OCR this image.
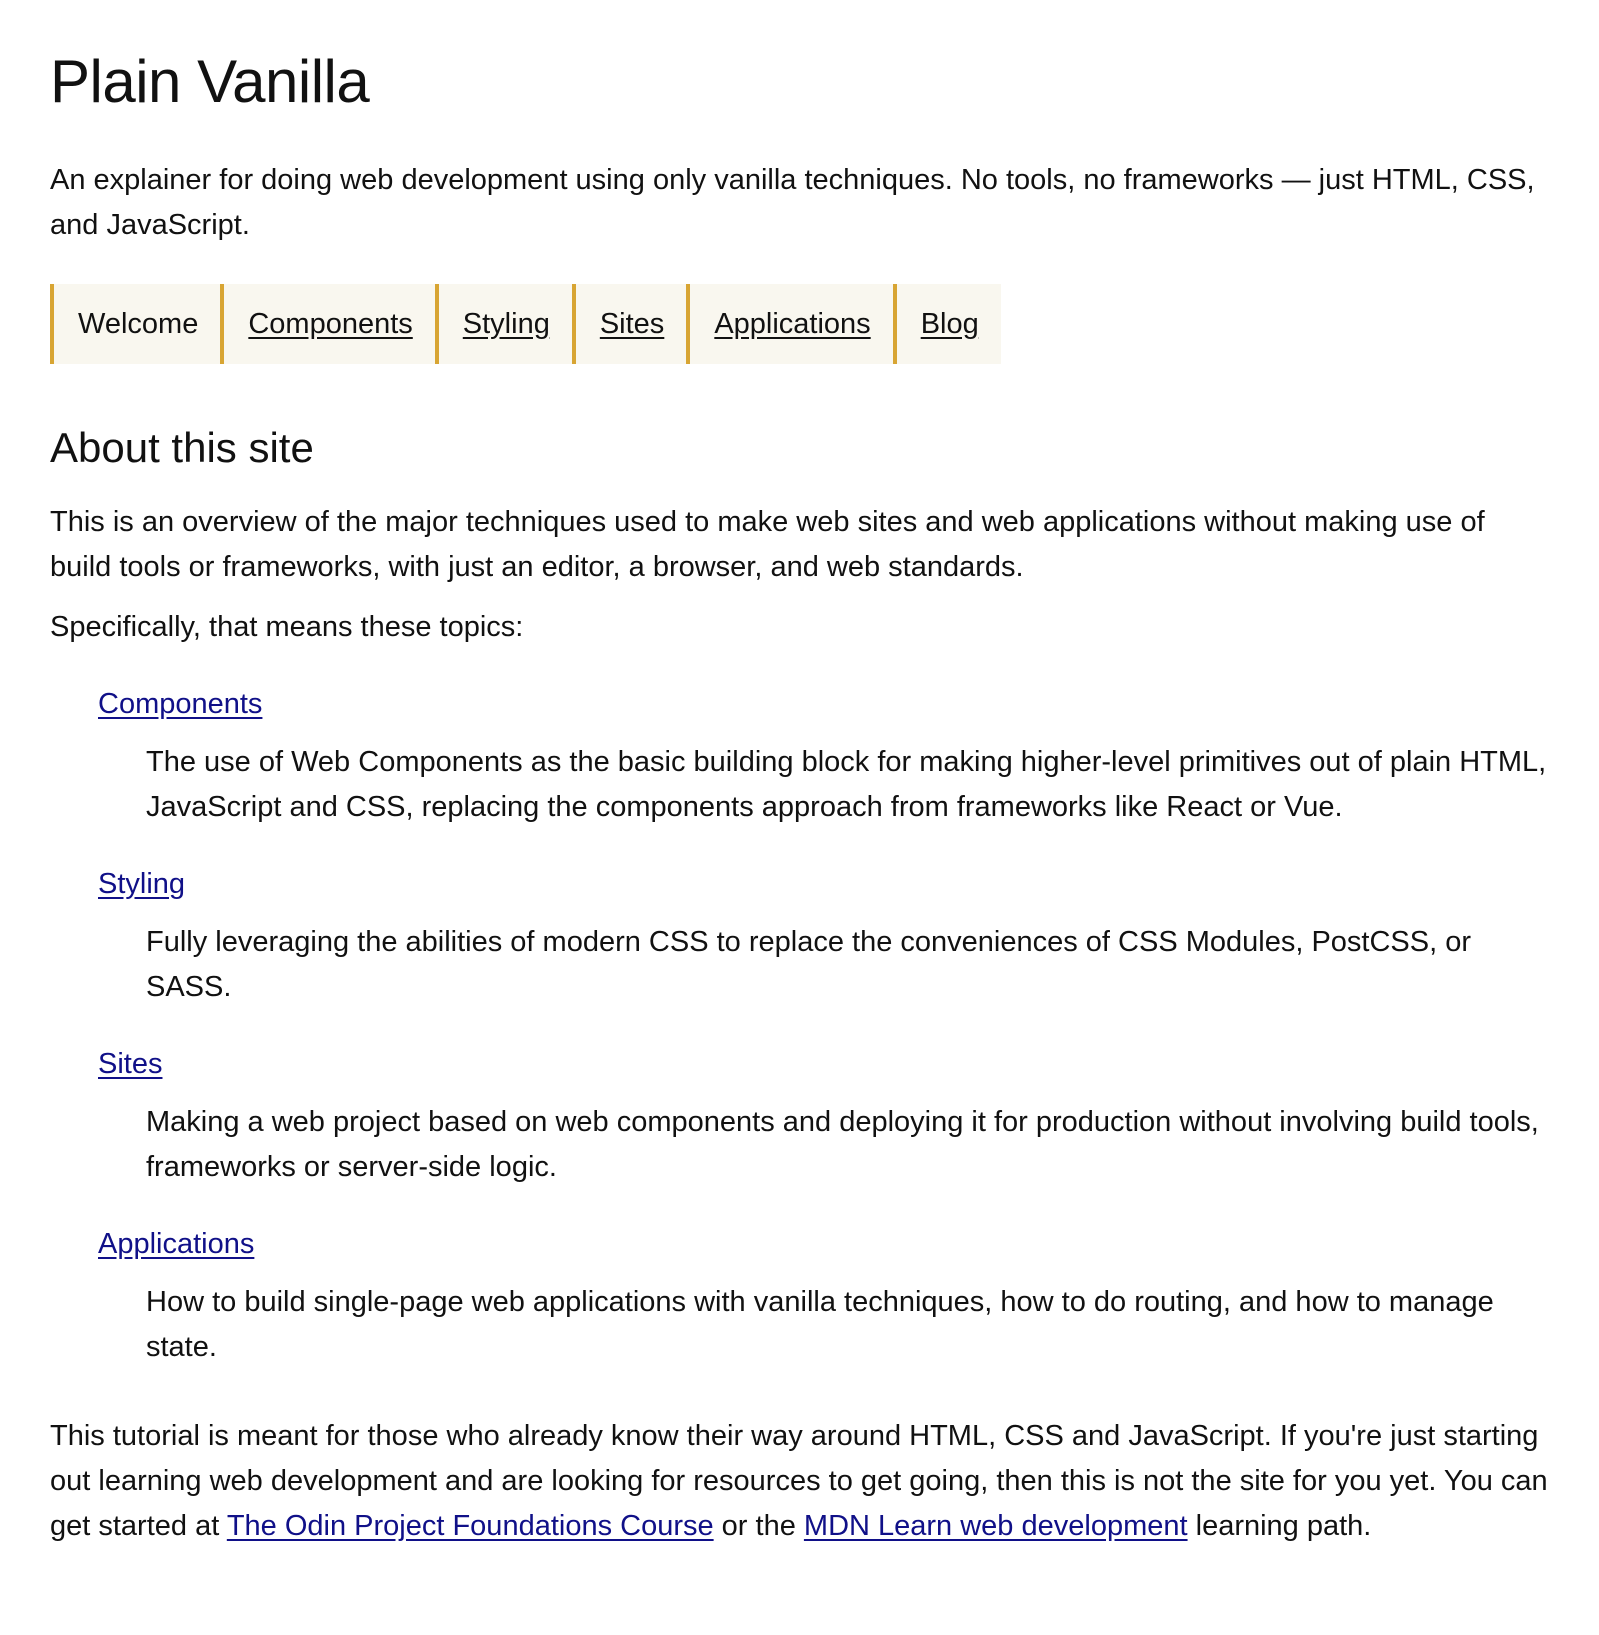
Plain Vanilla

An explainer for doing web development using only vanilla techniques. No tools, no frameworks — just HTML, CSS, and JavaScript.

Welcome	Components	Styling	Sites	Applications	Blog
About this site

This is an overview of the major techniques used to make web sites and web applications without making use of build tools or frameworks, with just an editor, a browser, and web standards.

Specifically, that means these topics:

Components
The use of Web Components as the basic building block for making higher-level primitives out of plain HTML, JavaScript and CSS, replacing the components approach from frameworks like React or Vue.
Styling
Fully leveraging the abilities of modern CSS to replace the conveniences of CSS Modules, PostCSS, or SASS.
Sites
Making a web project based on web components and deploying it for production without involving build tools, frameworks or server-side logic.
Applications
How to build single-page web applications with vanilla techniques, how to do routing, and how to manage state.

This tutorial is meant for those who already know their way around HTML, CSS and JavaScript. If you're just starting out learning web development and are looking for resources to get going, then this is not the site for you yet. You can get started at The Odin Project Foundations Course or the MDN Learn web development learning path.
